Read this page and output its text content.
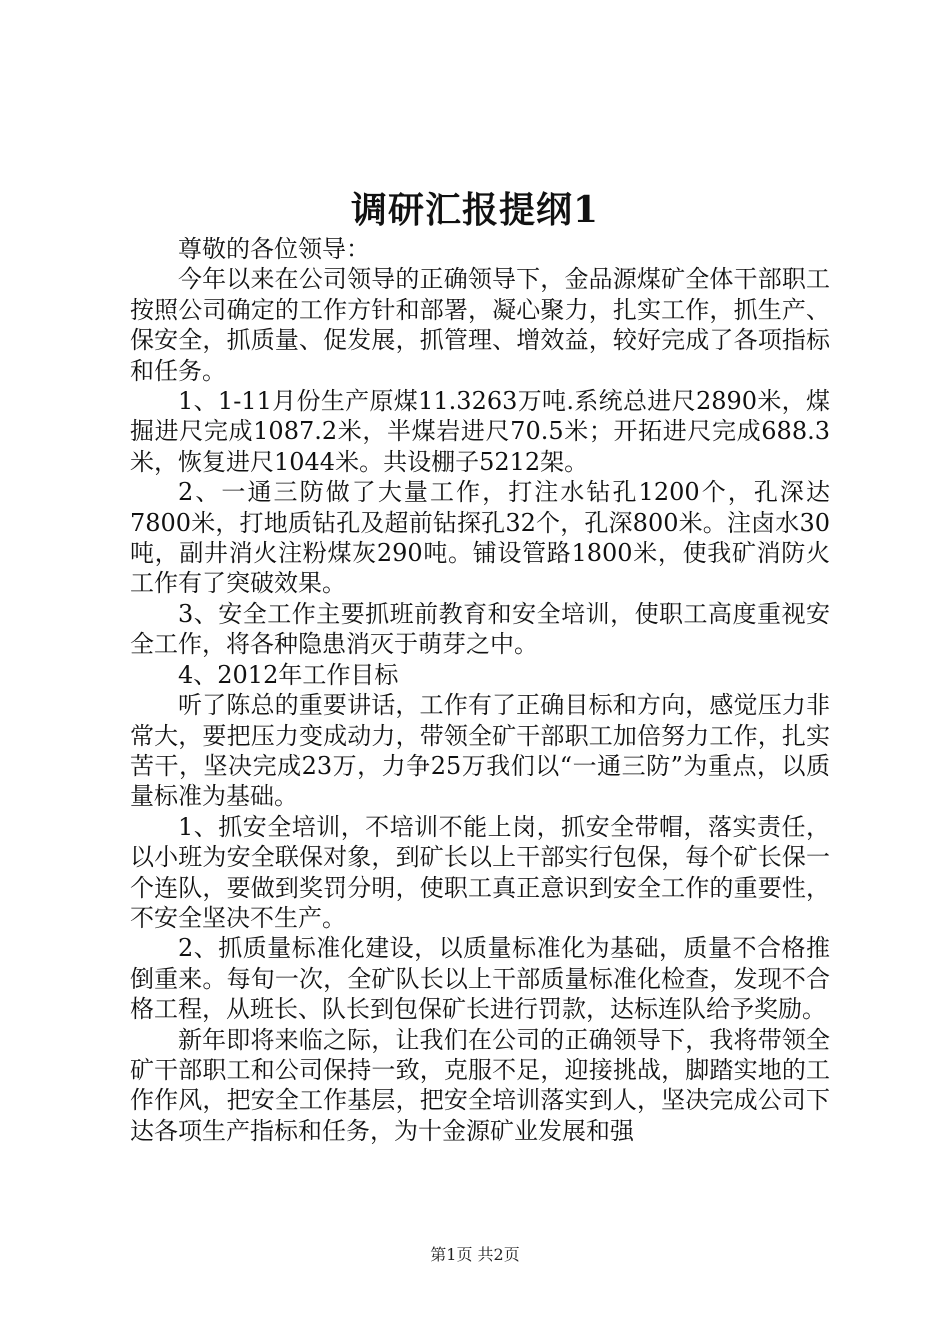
调研汇报提纲1

尊敬的各位领导：

今年以来在公司领导的正确领导下，金品源煤矿全体干部职工按照公司确定的工作方针和部署，凝心聚力，扎实工作，抓生产、保安全，抓质量、促发展，抓管理、增效益，较好完成了各项指标和任务。

1、1-11月份生产原煤11.3263万吨.系统总进尺2890米，煤掘进尺完成1087.2米，半煤岩进尺70.5米；开拓进尺完成688.3米，恢复进尺1044米。共设棚子5212架。

2、一通三防做了大量工作，打注水钻孔1200个，孔深达7800米，打地质钻孔及超前钻探孔32个，孔深800米。注卤水30吨，副井消火注粉煤灰290吨。铺设管路1800米，使我矿消防火工作有了突破效果。

3、安全工作主要抓班前教育和安全培训，使职工高度重视安全工作，将各种隐患消灭于萌芽之中。

4、2012年工作目标

听了陈总的重要讲话，工作有了正确目标和方向，感觉压力非常大，要把压力变成动力，带领全矿干部职工加倍努力工作，扎实苦干，坚决完成23万，力争25万我们以“一通三防”为重点，以质量标准为基础。

1、抓安全培训，不培训不能上岗，抓安全带帽，落实责任，以小班为安全联保对象，到矿长以上干部实行包保，每个矿长保一个连队，要做到奖罚分明，使职工真正意识到安全工作的重要性，不安全坚决不生产。

2、抓质量标准化建设，以质量标准化为基础，质量不合格推倒重来。每旬一次，全矿队长以上干部质量标准化检查，发现不合格工程，从班长、队长到包保矿长进行罚款，达标连队给予奖励。

新年即将来临之际，让我们在公司的正确领导下，我将带领全矿干部职工和公司保持一致，克服不足，迎接挑战，脚踏实地的工作作风，把安全工作基层，把安全培训落实到人，坚决完成公司下达各项生产指标和任务，为十金源矿业发展和强

第1页 共2页
